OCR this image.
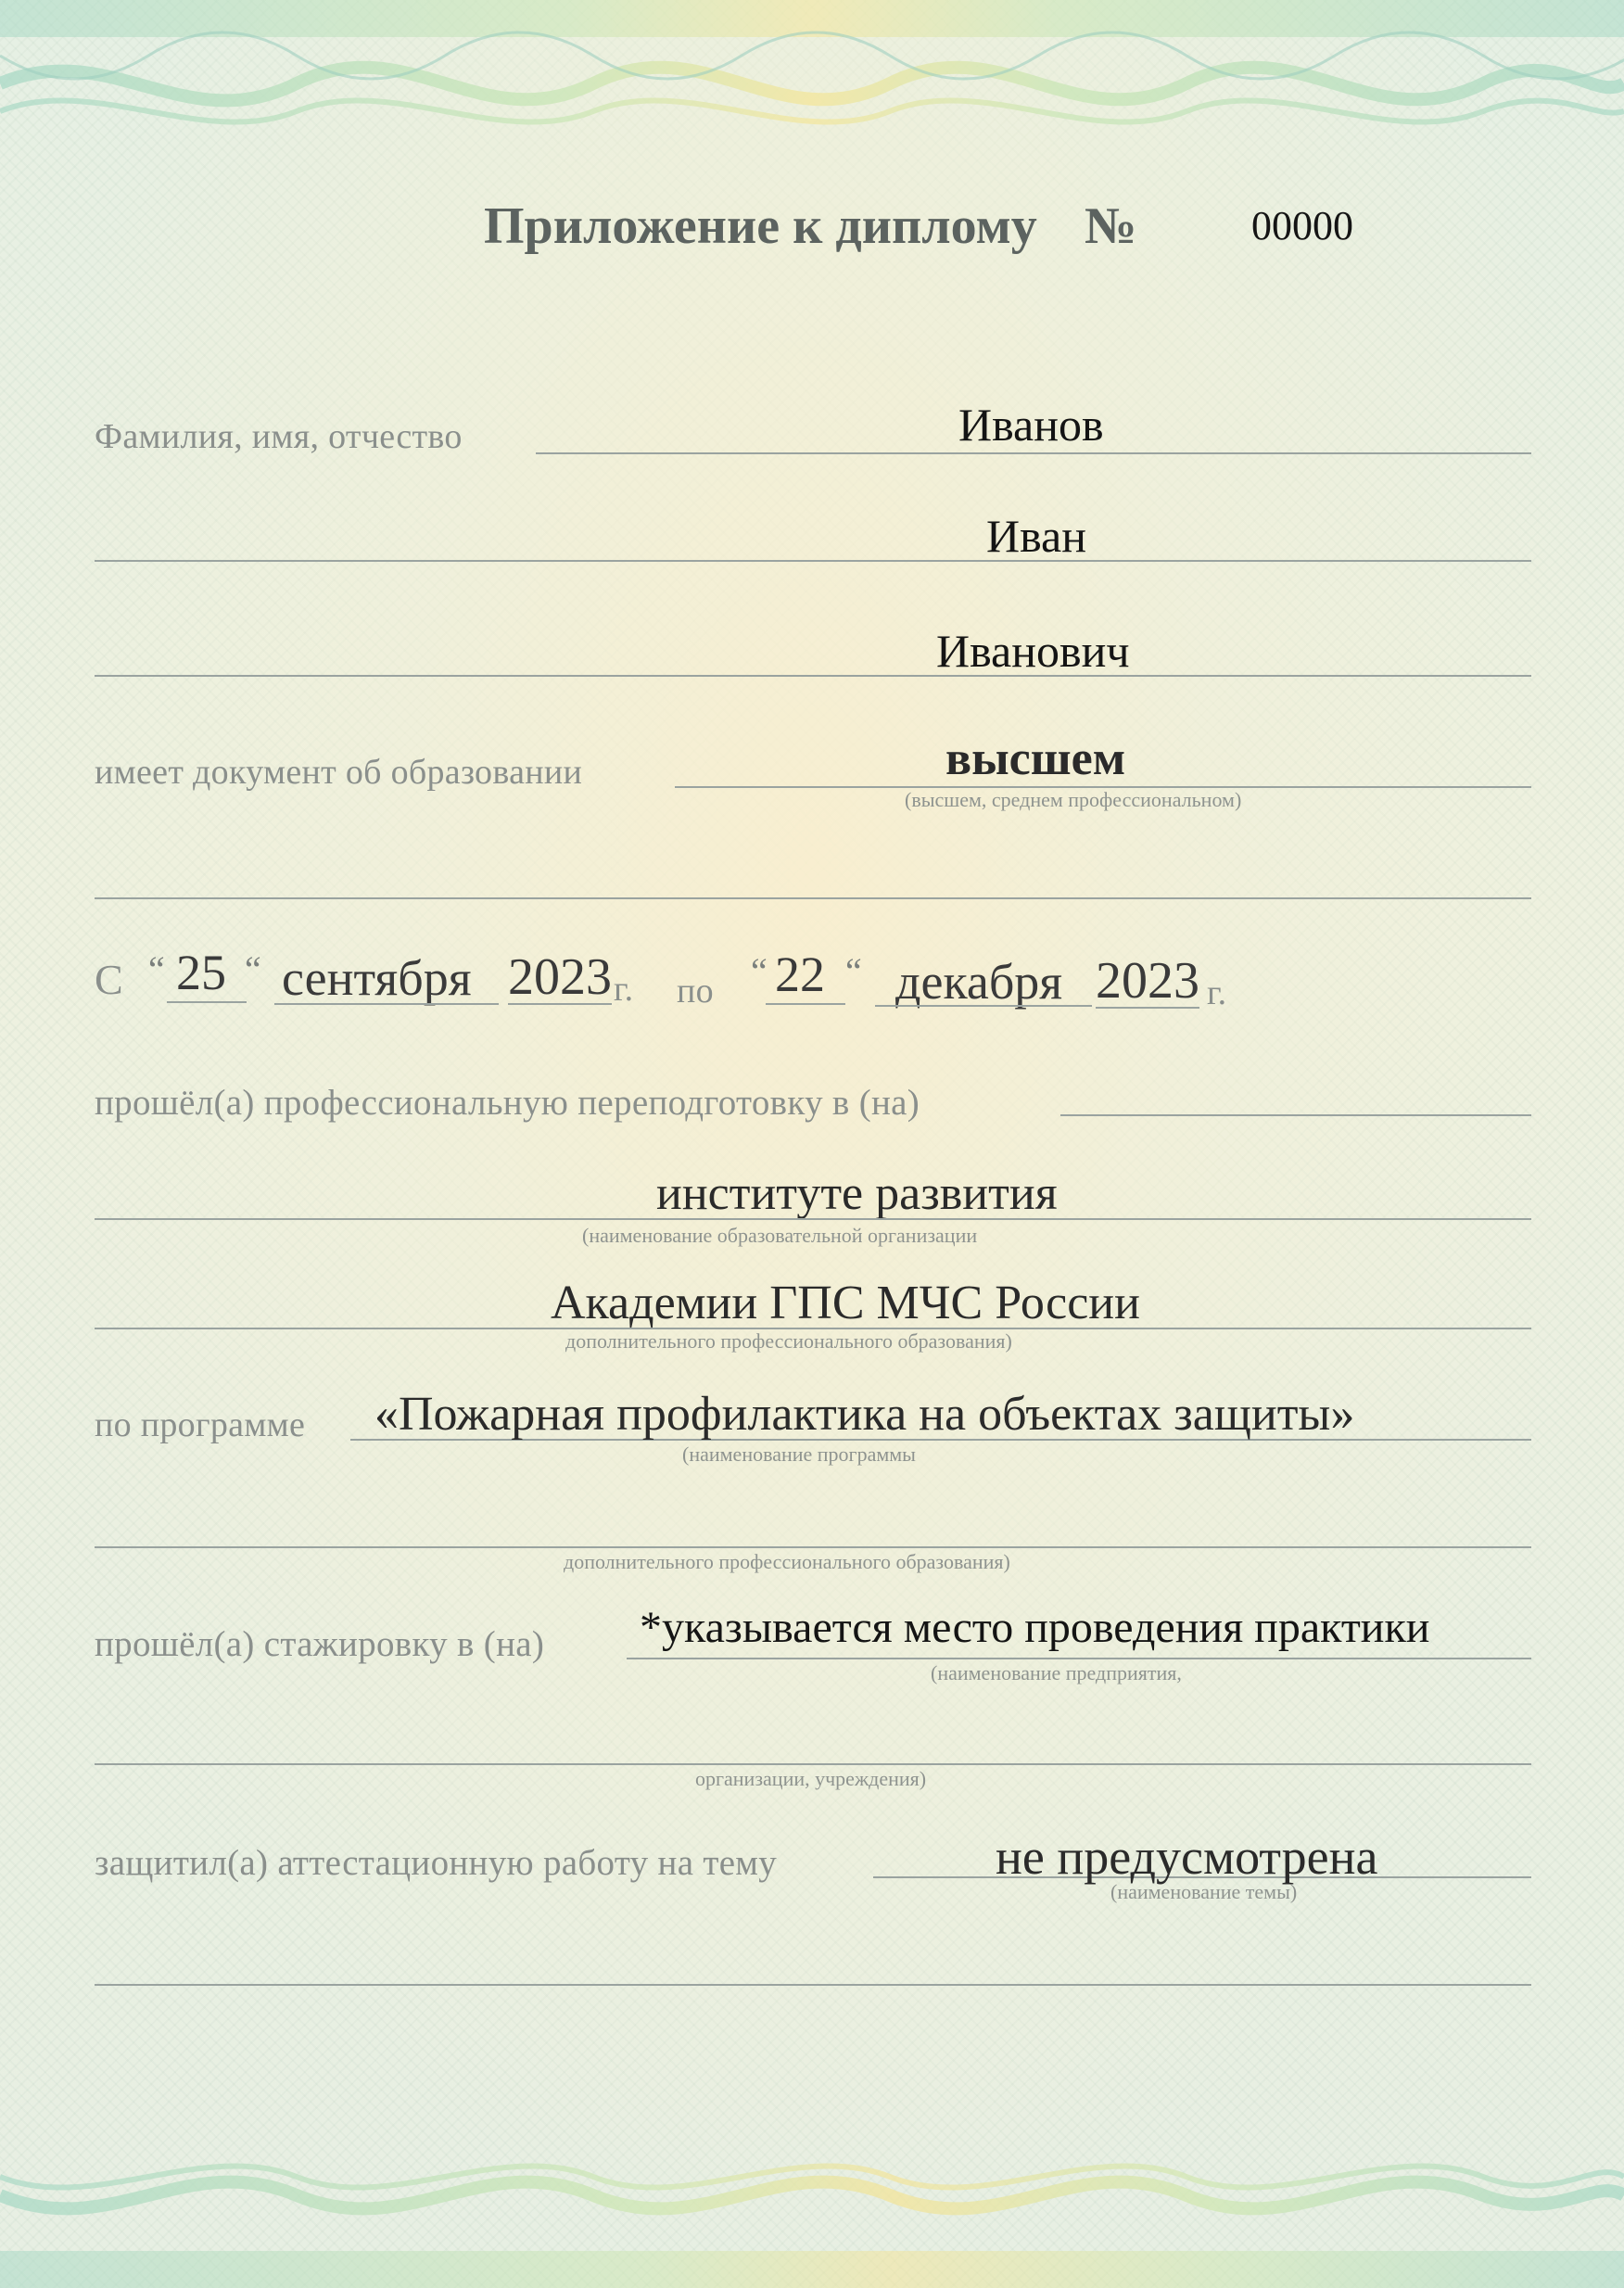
Приложение к диплому №	00000
Фамилия, имя, отчество	Иванов
Иван
Иванович
имеет документ об образовании	высшем
(высшем, среднем профессиональном)
С “ 25 “ сентября 2023 г. по “ 22 “ декабря 2023 г.
прошёл(а) профессиональную переподготовку в (на)
институте развития
(наименование образовательной организации
Академии ГПС МЧС России
дополнительного профессионального образования)
по программе «Пожарная профилактика на объектах защиты»
(наименование программы
дополнительного профессионального образования)
прошёл(а) стажировку в (на) *указывается место проведения практики
(наименование предприятия,
организации, учреждения)
защитил(а) аттестационную работу на тему	не предусмотрена
(наименование темы)
